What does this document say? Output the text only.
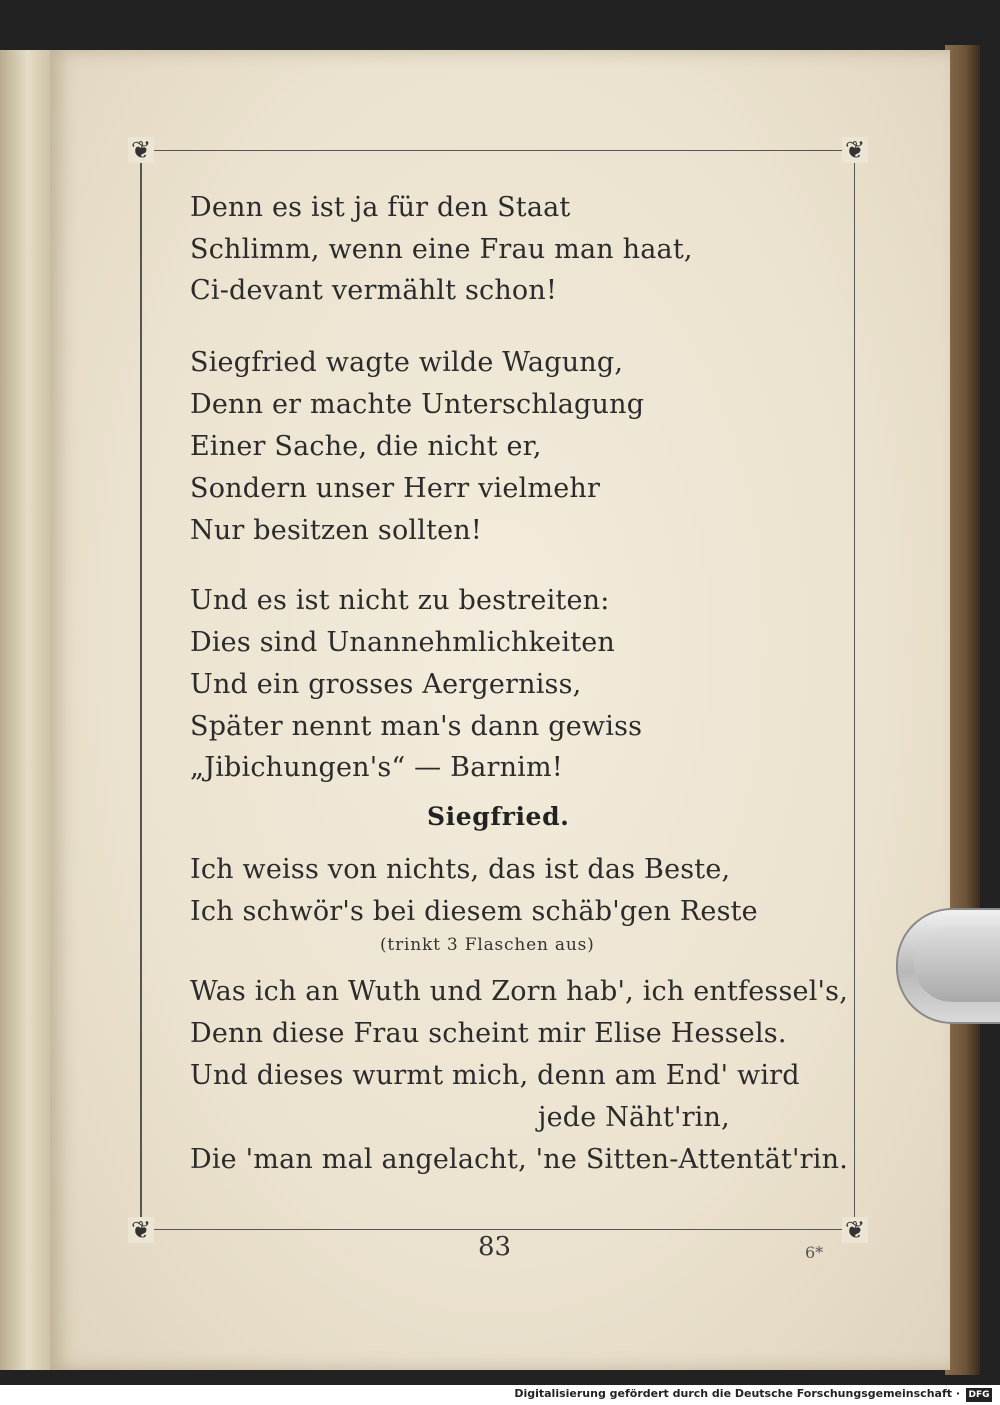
❦	❦
❦	❦
Denn es ist ja für den Staat
Schlimm, wenn eine Frau man haat,
Ci-devant vermählt schon!
Siegfried wagte wilde Wagung,
Denn er machte Unterschlagung
Einer Sache, die nicht er,
Sondern unser Herr vielmehr
Nur besitzen sollten!
Und es ist nicht zu bestreiten:
Dies sind Unannehmlichkeiten
Und ein grosses Aergerniss,
Später nennt man's dann gewiss
„Jibichungen's“ — Barnim!
Siegfried.
Ich weiss von nichts, das ist das Beste,
Ich schwör's bei diesem schäb'gen Reste
(trinkt 3 Flaschen aus)
Was ich an Wuth und Zorn hab', ich entfessel's,
Denn diese Frau scheint mir Elise Hessels.
Und dieses wurmt mich, denn am End' wird
jede Näht'rin,
Die 'man mal angelacht, 'ne Sitten-Attentät'rin.
83	6*
Digitalisierung gefördert durch die Deutsche Forschungsgemeinschaft · DFG
